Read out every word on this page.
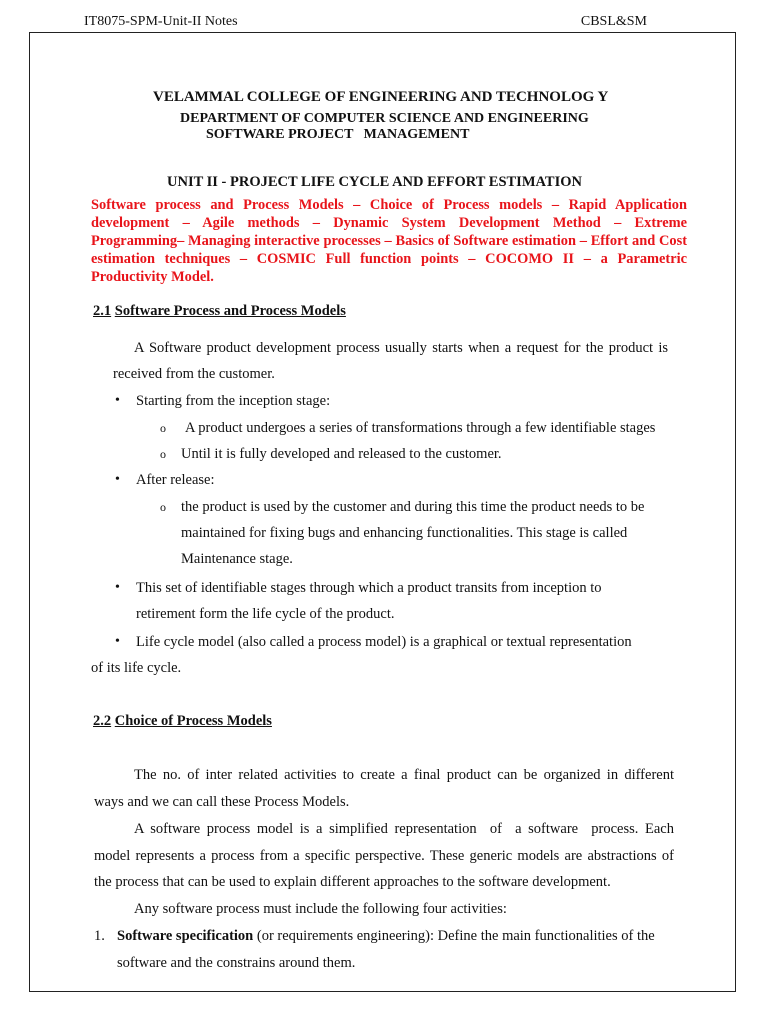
IT8075-SPM-Unit-II Notes	CBSL&SM
VELAMMAL COLLEGE OF ENGINEERING AND TECHNOLOG Y
DEPARTMENT OF COMPUTER SCIENCE AND ENGINEERING
SOFTWARE PROJECT   MANAGEMENT
UNIT II - PROJECT LIFE CYCLE AND EFFORT ESTIMATION
Software process and Process Models – Choice of Process models – Rapid Application development – Agile methods – Dynamic System Development Method – Extreme Programming– Managing interactive processes – Basics of Software estimation – Effort and Cost estimation techniques – COSMIC Full function points – COCOMO II – a Parametric Productivity Model.
2.1 Software Process and Process Models
A Software product development process usually starts when a request for the product is
received from the customer.
• Starting from the inception stage:
o A product undergoes a series of transformations through a few identifiable stages
o Until it is fully developed and released to the customer.
• After release:
o the product is used by the customer and during this time the product needs to be
maintained for fixing bugs and enhancing functionalities. This stage is called
Maintenance stage.
• This set of identifiable stages through which a product transits from inception to
retirement form the life cycle of the product.
• Life cycle model (also called a process model) is a graphical or textual representation
of its life cycle.
2.2 Choice of Process Models
The no. of inter related activities to create a final product can be organized in different
ways and we can call these Process Models.
A software process model is a simplified representation  of  a software  process. Each
model represents a process from a specific perspective. These generic models are abstractions of
the process that can be used to explain different approaches to the software development.
Any software process must include the following four activities:
1. Software specification (or requirements engineering): Define the main functionalities of the
software and the constrains around them.
